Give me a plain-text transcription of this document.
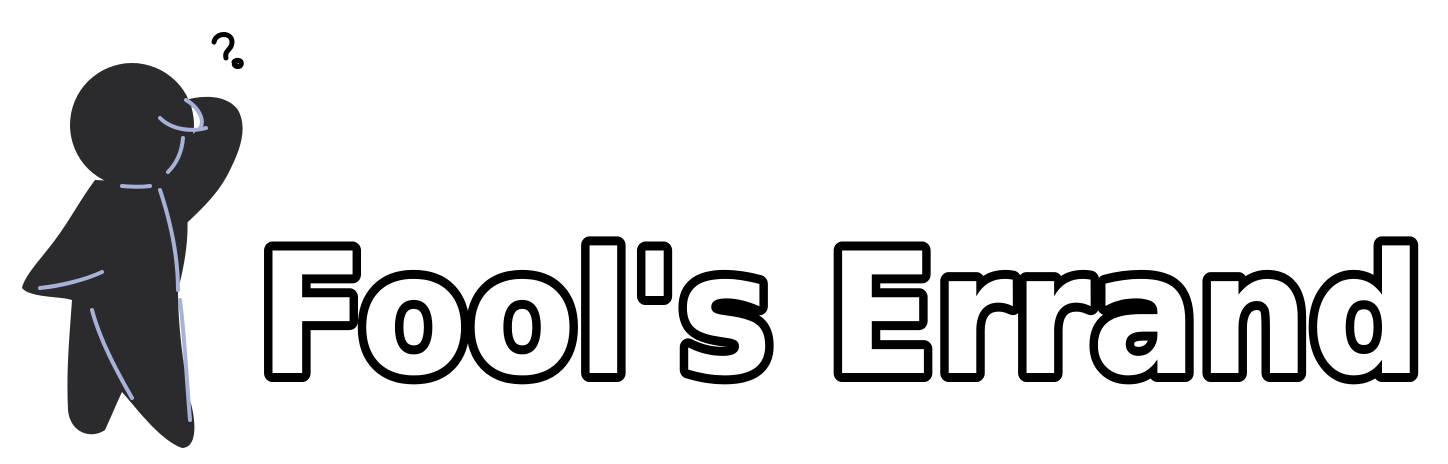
Fool's Errand
